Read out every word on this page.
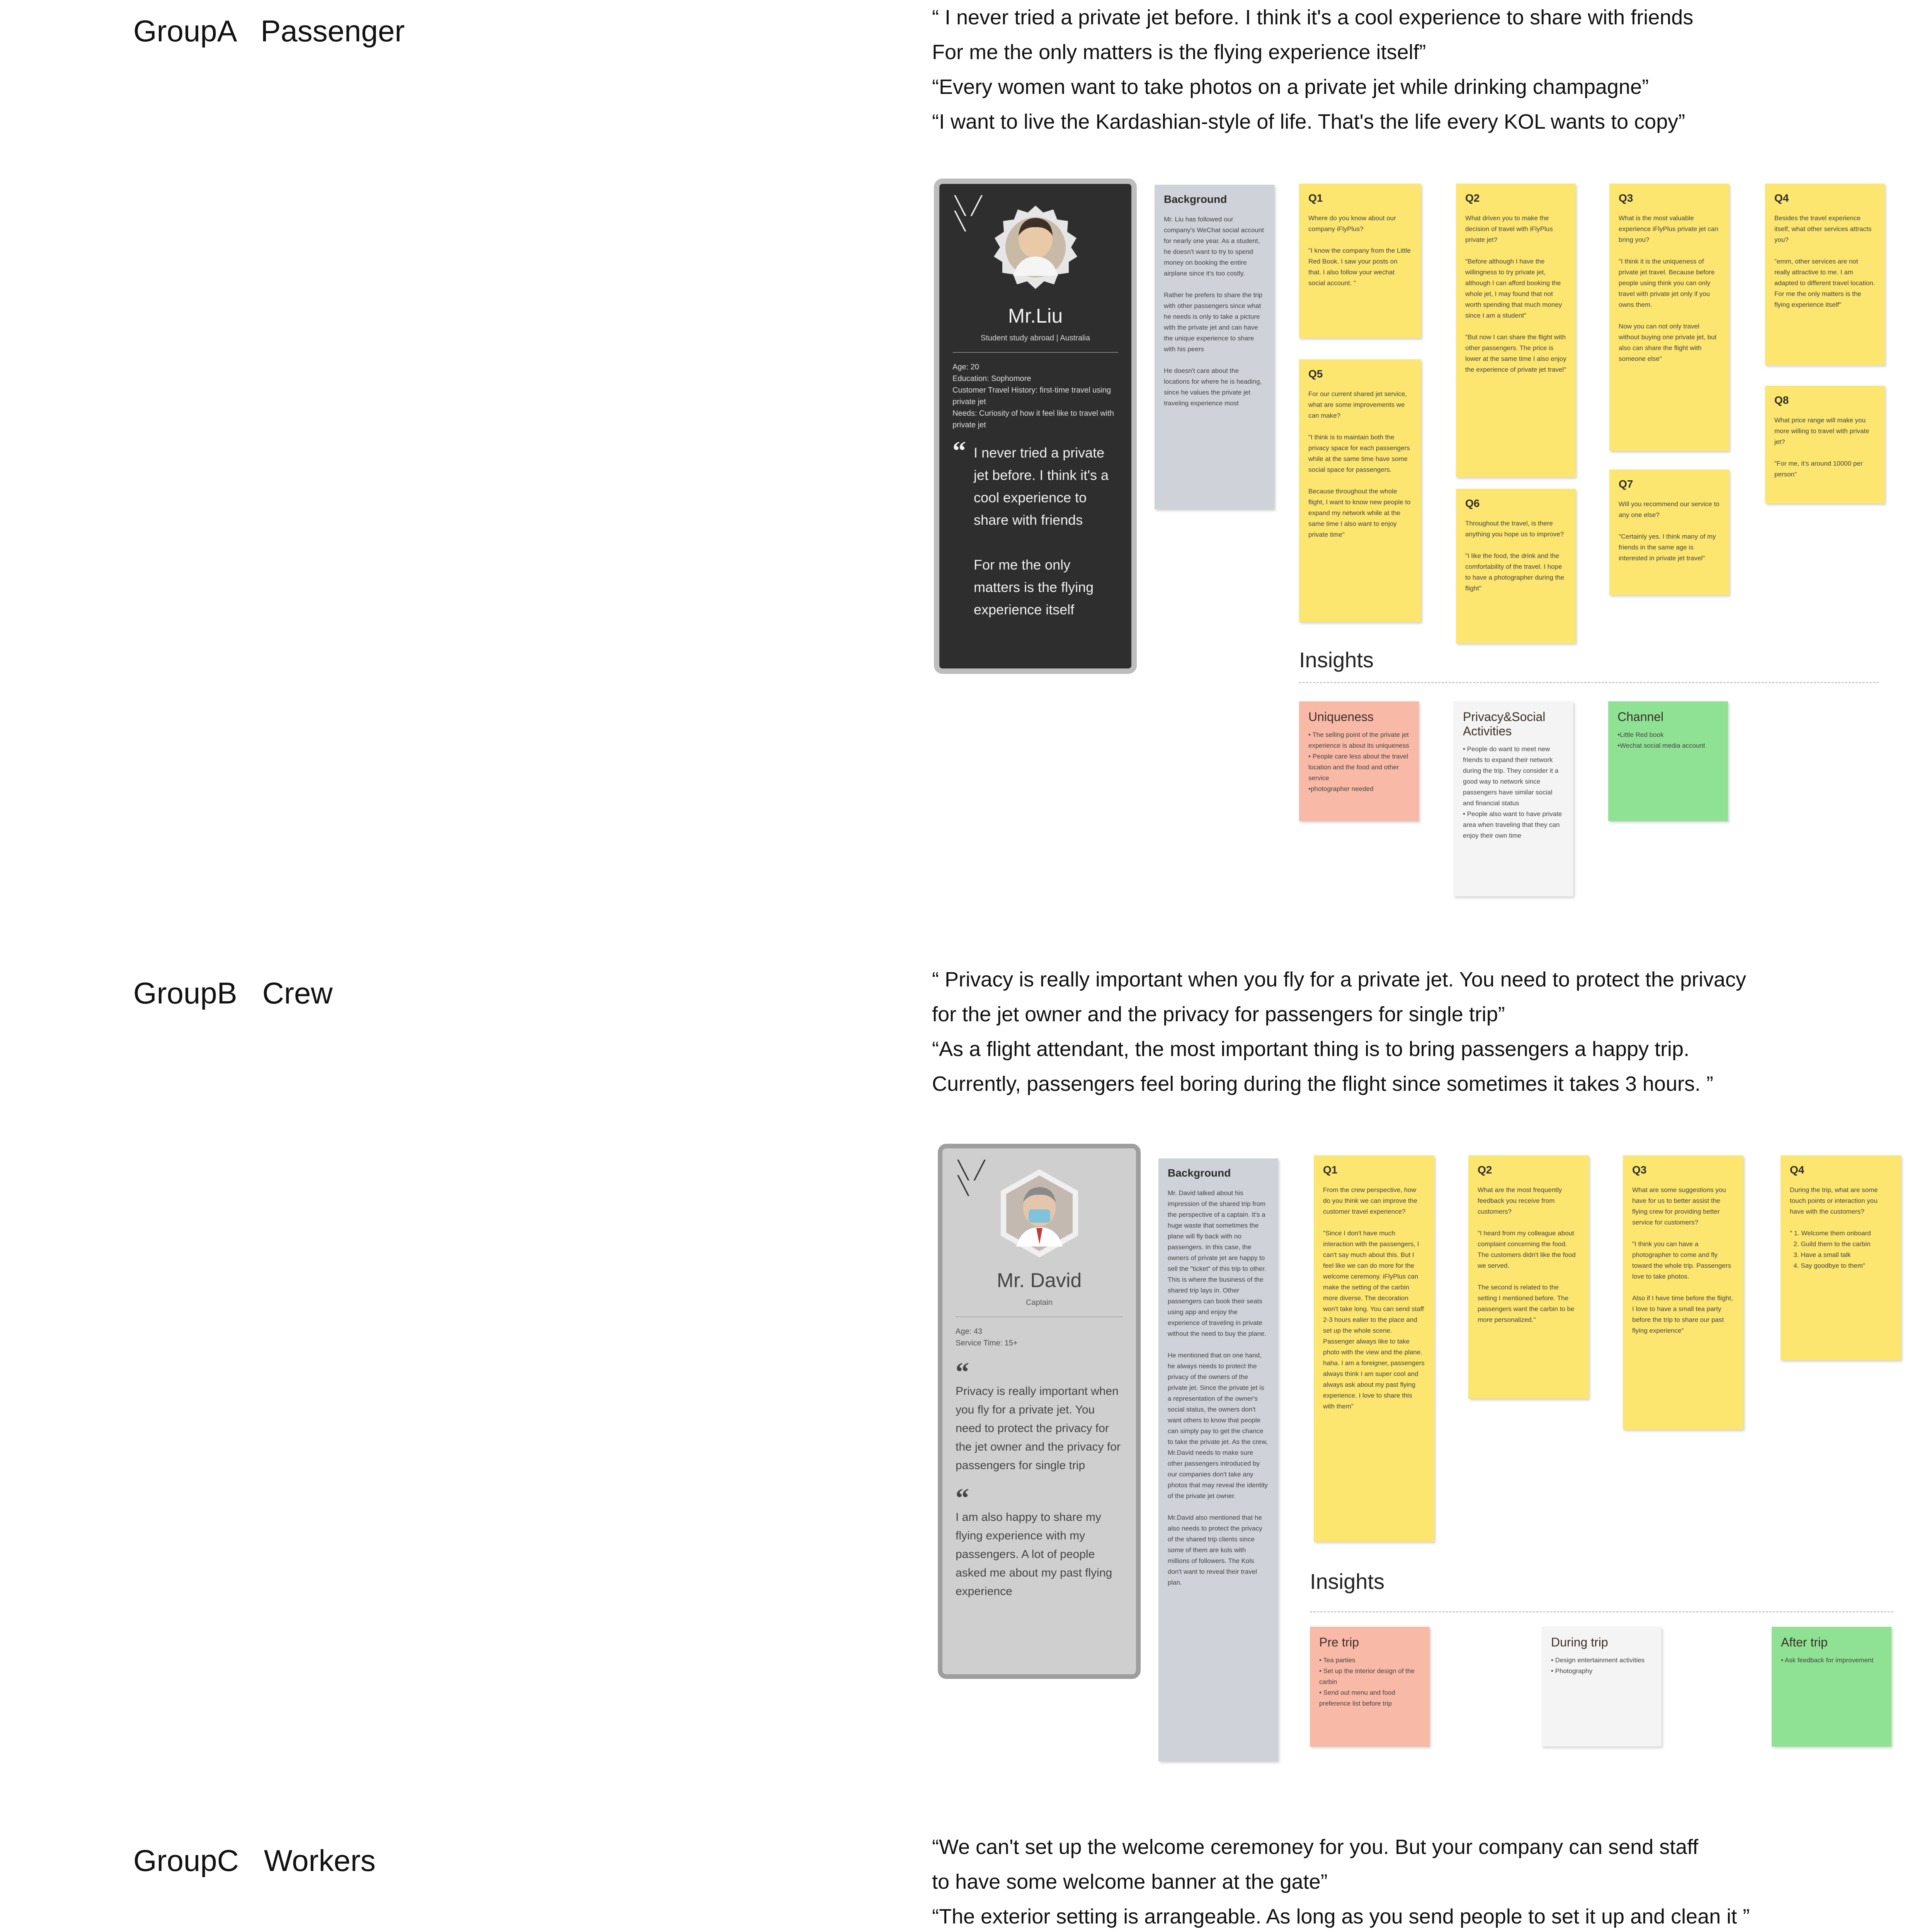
GroupA   Passenger	“ I never tried a private jet before. I think it's a cool experience to share with friends

For me the only matters is the flying experience itself”

“Every women want to take photos on a private jet while drinking champagne”

“I want to live the Kardashian-style of life. That's the life every KOL wants to copy”

╲ ╱
╲
Mr.Liu
Student study abroad | Australia
Age: 20
Education: Sophomore
Customer Travel History: first-time travel using private jet
Needs: Curiosity of how it feel like to travel with private jet
“ I never tried a private jet before. I think it's a cool experience to share with friends

For me the only matters is the flying experience itself
Background
Mr. Liu has followed our company's WeChat social account for nearly one year. As a student, he doesn't want to try to spend money on booking the entire airplane since it's too costly.

Rather he prefers to share the trip with other passengers since what he needs is only to take a picture with the private jet and can have the unique experience to share with his peers

He doesn't care about the locations for where he is heading, since he values the private jet traveling experience most
Q1
Where do you know about our company iFlyPlus?

"I know the company from the Little Red Book. I saw your posts on that. I also follow your wechat social account. "
Q2
What driven you to make the decision of travel with iFlyPlus private jet?

"Before although I have the willingness to try private jet, although I can afford booking the whole jet, I may found that not worth spending that much money since I am a student"

"But now I can share the flight with other passengers. The price is lower at the same time I also enjoy the experience of private jet travel"
Q3
What is the most valuable experience iFlyPlus private jet can bring you?

"I think it is the uniqueness of private jet travel. Because before people using think you can only travel with private jet only if you owns them.

Now you can not only travel without buying one private jet, but also can share the flight with someone else"
Q4
Besides the travel experience itself, what other services attracts you?

"emm, other services are not really attractive to me. I am adapted to different travel location. For me the only matters is the flying experience itself"
Q5
For our current shared jet service, what are some improvements we can make?

"I think is to maintain both the privacy space for each passengers while at the same time have some social space for passengers.

Because throughout the whole flight, I want to know new people to expand my network while at the same time I also want to enjoy private time"
Q6
Throughout the travel, is there anything you hope us to improve?

"I like the food, the drink and the comfortability of the travel. I hope to have a photographer during the flight"
Q7
Will you recommend our service to any one else?

"Certainly yes. I think many of my friends in the same age is interested in private jet travel"
Q8
What price range will make you more willing to travel with private jet?

"For me, it's around 10000 per person"
Insights
Uniqueness
• The selling point of the private jet experience is about its uniqueness
• People care less about the travel location and the food and other service
•photographer needed
Privacy&Social Activities
• People do want to meet new friends to expand their network during the trip. They consider it a good way to network since passengers have similar social and financial status
• People also want to have private area when traveling that they can enjoy their own time
Channel
•Little Red book
•Wechat social media account
GroupB   Crew	“ Privacy is really important when you fly for a private jet. You need to protect the privacy

for the jet owner and the privacy for passengers for single trip”

“As a flight attendant, the most important thing is to bring passengers a happy trip.

Currently, passengers feel boring during the flight since sometimes it takes 3 hours. ”

╲ ╱
╲
Mr. David
Captain
Age: 43
Service Time: 15+
“
Privacy is really important when you fly for a private jet. You need to protect the privacy for the jet owner and the privacy for passengers for single trip
“
I am also happy to share my flying experience with my passengers. A lot of people asked me about my past flying experience
Background
Mr. David talked about his impression of the shared trip from the perspective of a captain. It's a huge waste that sometimes the plane will fly back with no passengers. In this case, the owners of private jet are happy to sell the "ticket" of this trip to other. This is where the business of the shared trip lays in. Other passengers can book their seats using app and enjoy the experience of traveling in private without the need to buy the plane.

He mentioned that on one hand, he always needs to protect the privacy of the owners of the private jet. Since the private jet is a representation of the owner's social status, the owners don't want others to know that people can simply pay to get the chance to take the private jet. As the crew, Mr.David needs to make sure other passengers introduced by our companies don't take any photos that may reveal the identity of the private jet owner.

Mr.David also mentioned that he also needs to protect the privacy of the shared trip clients since some of them are kols with millions of followers. The Kols don't want to reveal their travel plan.
Q1
From the crew perspective, how do you think we can improve the customer travel experience?

"Since I don't have much interaction with the passengers, I can't say much about this. But I feel like we can do more for the welcome ceremony. iFlyPlus can make the setting of the carbin more diverse. The decoration won't take long. You can send staff 2-3 hours ealier to the place and set up the whole scene. Passenger always like to take photo with the view and the plane. haha. I am a foreigner, passengers always think I am super cool and always ask about my past flying experience. I love to share this with them"
Q2
What are the most frequently feedback you receive from customers?

"I heard from my colleague about complaint concerning the food. The customers didn't like the food we served.

The second is related to the setting I mentioned before. The passengers want the carbin to be more personalized."
Q3
What are some suggestions you have for us to better assist the flying crew for providing better service for customers?

"I think you can have a photographer to come and fly toward the whole trip. Passengers love to take photos.

Also if I have time before the flight, I love to have a small tea party before the trip to share our past flying experience"
Q4
During the trip, what are some touch points or interaction you have with the customers?

" 1. Welcome them onboard
2. Guild them to the carbin
3. Have a small talk
4. Say goodbye to them"
Insights
Pre trip
• Tea parties
• Set up the interior design of the carbin
• Send out menu and food preference list before trip
During trip
• Design entertainment activities
• Photography
After trip
• Ask feedback for improvement
GroupC   Workers	“We can't set up the welcome ceremoney for you. But your company can send staff

to have some welcome banner at the gate”

“The exterior setting is arrangeable. As long as you send people to set it up and clean it ”
